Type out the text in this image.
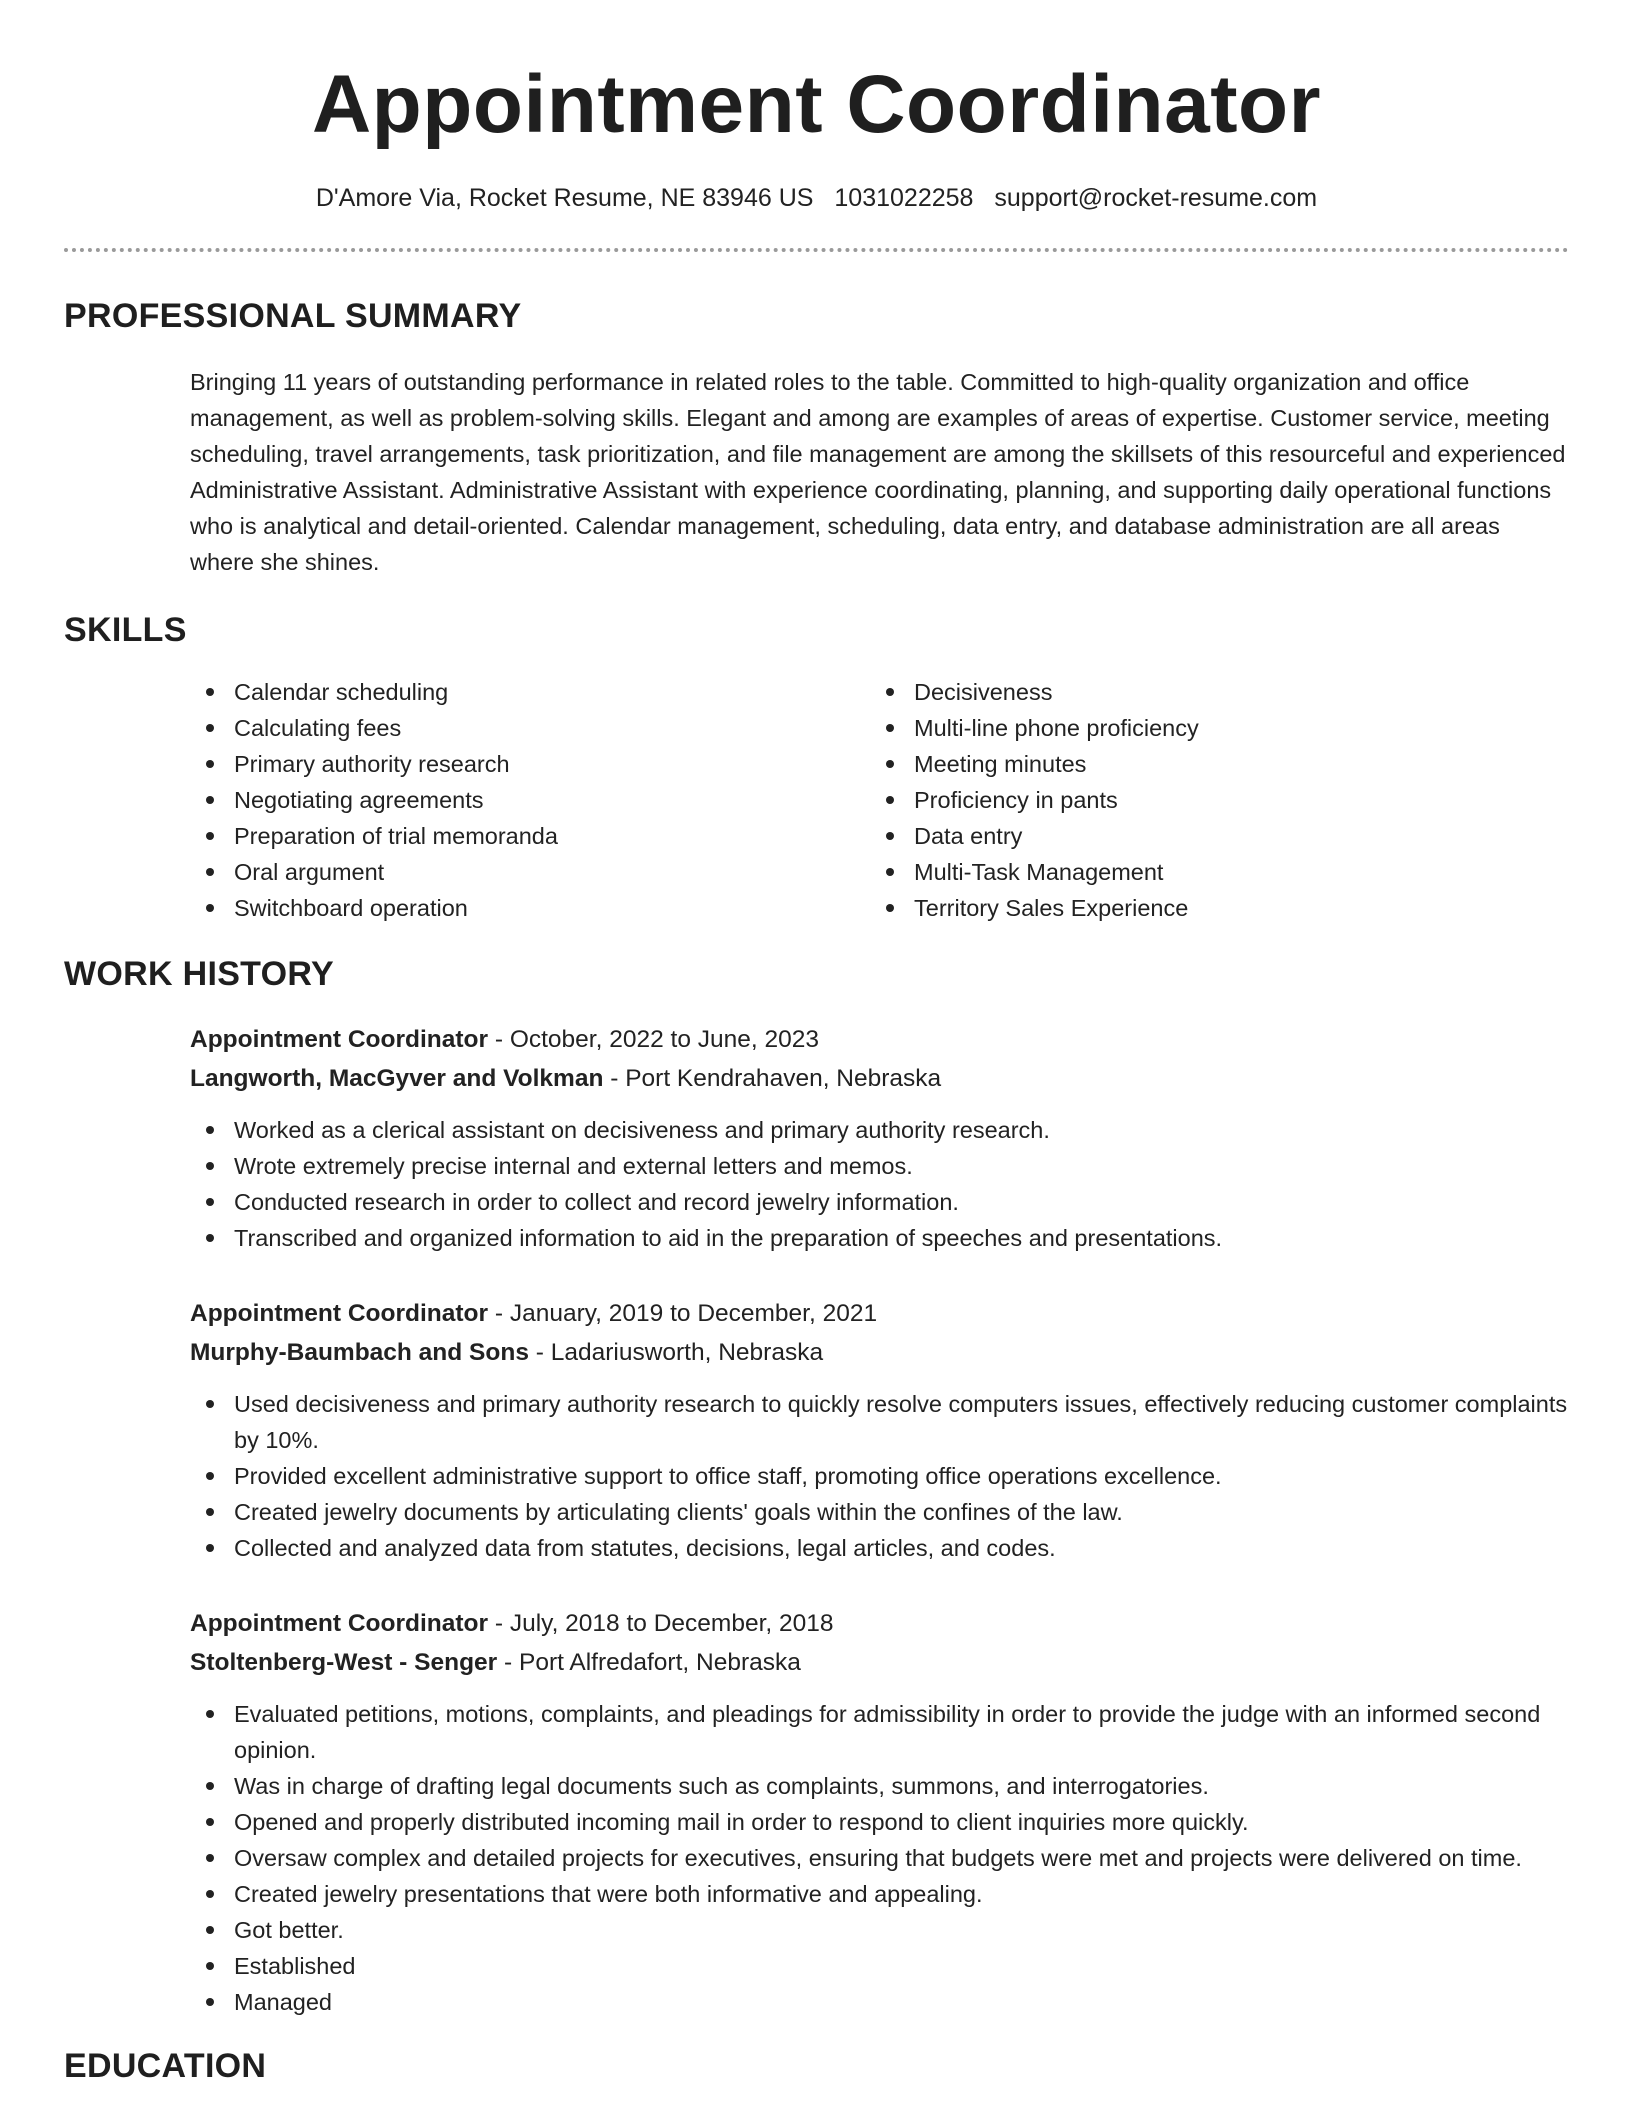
Appointment Coordinator
D'Amore Via, Rocket Resume, NE 83946 US 1031022258 support@rocket-resume.com
PROFESSIONAL SUMMARY

Bringing 11 years of outstanding performance in related roles to the table. Committed to high-quality organization and office management, as well as problem-solving skills. Elegant and among are examples of areas of expertise. Customer service, meeting scheduling, travel arrangements, task prioritization, and file management are among the skillsets of this resourceful and experienced Administrative Assistant. Administrative Assistant with experience coordinating, planning, and supporting daily operational functions who is analytical and detail-oriented. Calendar management, scheduling, data entry, and database administration are all areas where she shines.

SKILLS
Calendar scheduling
Calculating fees
Primary authority research
Negotiating agreements
Preparation of trial memoranda
Oral argument
Switchboard operation
Decisiveness
Multi-line phone proficiency
Meeting minutes
Proficiency in pants
Data entry
Multi-Task Management
Territory Sales Experience
WORK HISTORY
Appointment Coordinator - October, 2022 to June, 2023
Langworth, MacGyver and Volkman - Port Kendrahaven, Nebraska
Worked as a clerical assistant on decisiveness and primary authority research.
Wrote extremely precise internal and external letters and memos.
Conducted research in order to collect and record jewelry information.
Transcribed and organized information to aid in the preparation of speeches and presentations.
Appointment Coordinator - January, 2019 to December, 2021
Murphy-Baumbach and Sons - Ladariusworth, Nebraska
Used decisiveness and primary authority research to quickly resolve computers issues, effectively reducing customer complaints by 10%.
Provided excellent administrative support to office staff, promoting office operations excellence.
Created jewelry documents by articulating clients' goals within the confines of the law.
Collected and analyzed data from statutes, decisions, legal articles, and codes.
Appointment Coordinator - July, 2018 to December, 2018
Stoltenberg-West - Senger - Port Alfredafort, Nebraska
Evaluated petitions, motions, complaints, and pleadings for admissibility in order to provide the judge with an informed second opinion.
Was in charge of drafting legal documents such as complaints, summons, and interrogatories.
Opened and properly distributed incoming mail in order to respond to client inquiries more quickly.
Oversaw complex and detailed projects for executives, ensuring that budgets were met and projects were delivered on time.
Created jewelry presentations that were both informative and appealing.
Got better.
Established
Managed
EDUCATION
